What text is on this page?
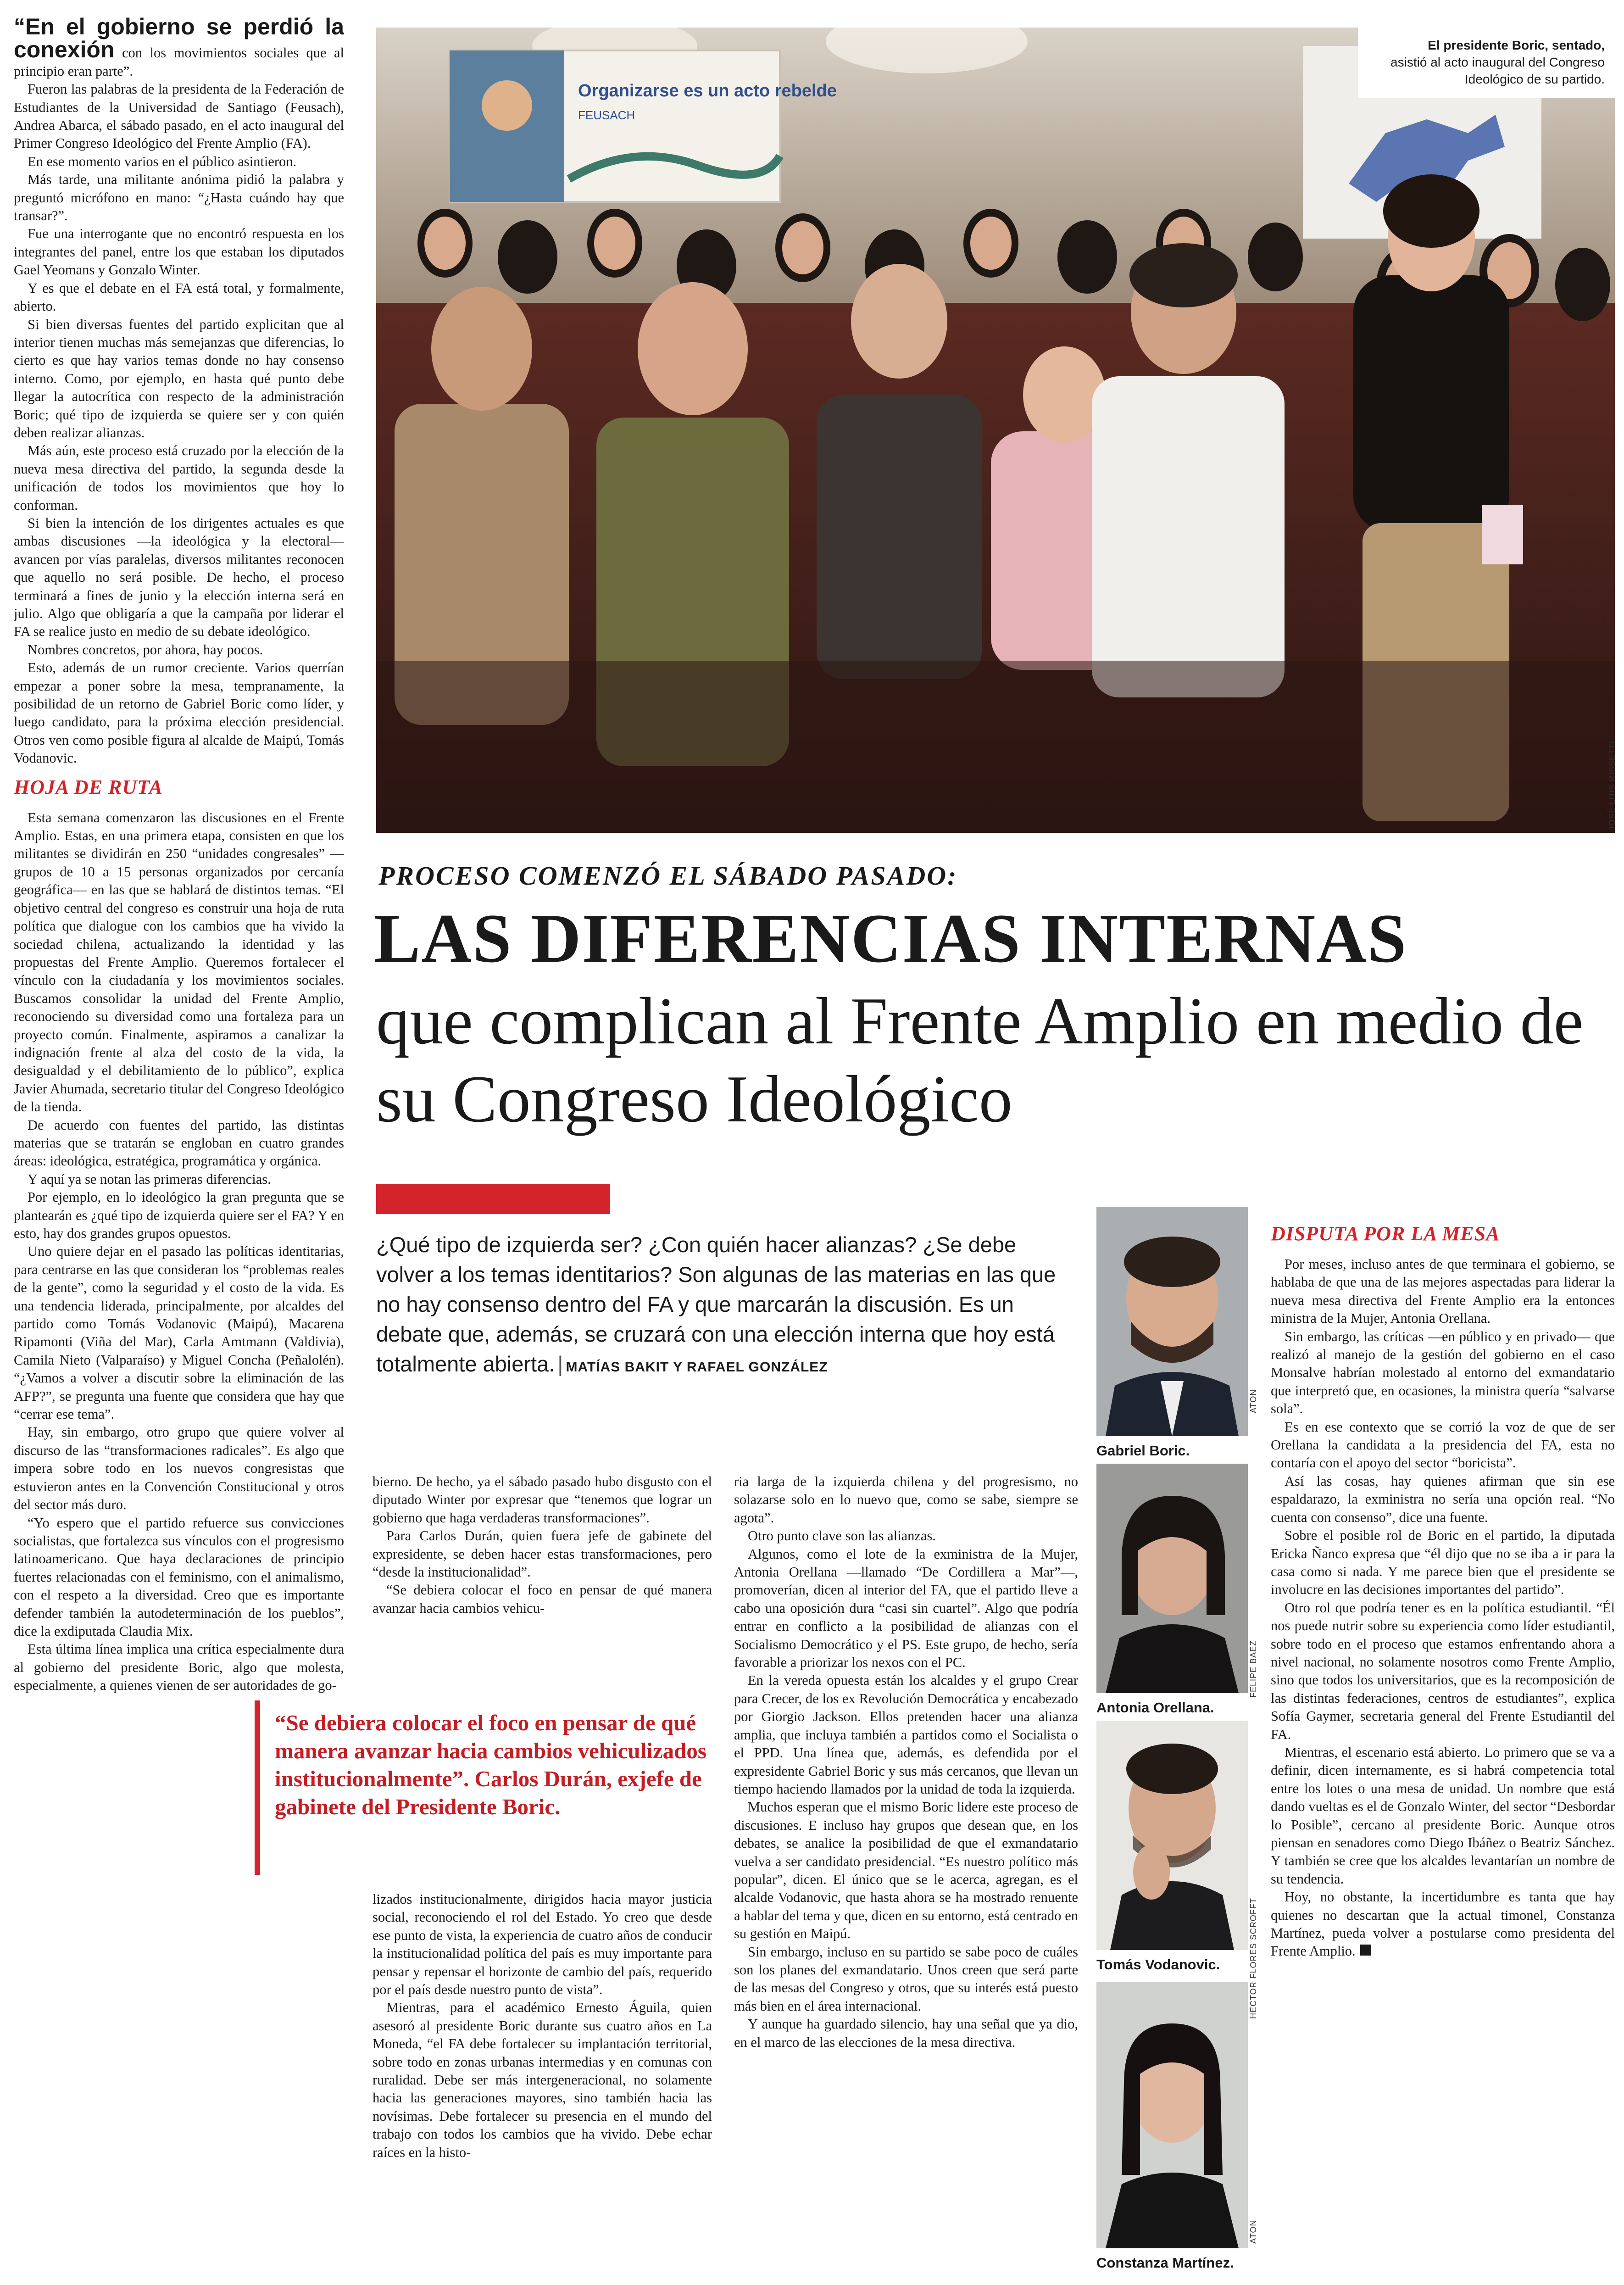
Organizarse es un acto rebelde
FEUSACH
El presidente Boric, sentado,
asistió al acto inaugural del Congreso Ideológico de su partido.
JOSÉ LUIS RISSETTI
PROCESO COMENZÓ EL SÁBADO PASADO:
LAS DIFERENCIAS INTERNAS
que complican al Frente Amplio en medio de su Congreso Ideológico
¿Qué tipo de izquierda ser? ¿Con quién hacer alianzas? ¿Se debe volver a los temas identitarios? Son algunas de las materias en las que no hay consenso dentro del FA y que marcarán la discusión. Es un debate que, además, se cruzará con una elección interna que hoy está totalmente abierta. | MATÍAS BAKIT Y RAFAEL GONZÁLEZ

“En el gobierno se perdió la conexión con los movimientos sociales que al principio eran parte”.

Fueron las palabras de la presidenta de la Federación de Estudiantes de la Universidad de Santiago (Feusach), Andrea Abarca, el sábado pasado, en el acto inaugural del Primer Congreso Ideológico del Frente Amplio (FA).

En ese momento varios en el público asintieron.

Más tarde, una militante anónima pidió la palabra y preguntó micrófono en mano: “¿Hasta cuándo hay que transar?”.

Fue una interrogante que no encontró respuesta en los integrantes del panel, entre los que estaban los diputados Gael Yeomans y Gonzalo Winter.

Y es que el debate en el FA está total, y formalmente, abierto.

Si bien diversas fuentes del partido explicitan que al interior tienen muchas más semejanzas que diferencias, lo cierto es que hay varios temas donde no hay consenso interno. Como, por ejemplo, en hasta qué punto debe llegar la autocrítica con respecto de la administración Boric; qué tipo de izquierda se quiere ser y con quién deben realizar alianzas.

Más aún, este proceso está cruzado por la elección de la nueva mesa directiva del partido, la segunda desde la unificación de todos los movimientos que hoy lo conforman.

Si bien la intención de los dirigentes actuales es que ambas discusiones —la ideológica y la electoral— avancen por vías paralelas, diversos militantes reconocen que aquello no será posible. De hecho, el proceso terminará a fines de junio y la elección interna será en julio. Algo que obligaría a que la campaña por liderar el FA se realice justo en medio de su debate ideológico.

Nombres concretos, por ahora, hay pocos.

Esto, además de un rumor creciente. Varios querrían empezar a poner sobre la mesa, tempranamente, la posibilidad de un retorno de Gabriel Boric como líder, y luego candidato, para la próxima elección presidencial. Otros ven como posible figura al alcalde de Maipú, Tomás Vodanovic.

HOJA DE RUTA

Esta semana comenzaron las discusiones en el Frente Amplio. Estas, en una primera etapa, consisten en que los militantes se dividirán en 250 “unidades congresales” —grupos de 10 a 15 personas organizados por cercanía geográfica— en las que se hablará de distintos temas. “El objetivo central del congreso es construir una hoja de ruta política que dialogue con los cambios que ha vivido la sociedad chilena, actualizando la identidad y las propuestas del Frente Amplio. Queremos fortalecer el vínculo con la ciudadanía y los movimientos sociales. Buscamos consolidar la unidad del Frente Amplio, reconociendo su diversidad como una fortaleza para un proyecto común. Finalmente, aspiramos a canalizar la indignación frente al alza del costo de la vida, la desigualdad y el debilitamiento de lo público”, explica Javier Ahumada, secretario titular del Congreso Ideológico de la tienda.

De acuerdo con fuentes del partido, las distintas materias que se tratarán se engloban en cuatro grandes áreas: ideológica, estratégica, programática y orgánica.

Y aquí ya se notan las primeras diferencias.

Por ejemplo, en lo ideológico la gran pregunta que se plantearán es ¿qué tipo de izquierda quiere ser el FA? Y en esto, hay dos grandes grupos opuestos.

Uno quiere dejar en el pasado las políticas identitarias, para centrarse en las que consideran los “problemas reales de la gente”, como la seguridad y el costo de la vida. Es una tendencia liderada, principalmente, por alcaldes del partido como Tomás Vodanovic (Maipú), Macarena Ripamonti (Viña del Mar), Carla Amtmann (Valdivia), Camila Nieto (Valparaíso) y Miguel Concha (Peñalolén). “¿Vamos a volver a discutir sobre la eliminación de las AFP?”, se pregunta una fuente que considera que hay que “cerrar ese tema”.

Hay, sin embargo, otro grupo que quiere volver al discurso de las “transformaciones radicales”. Es algo que impera sobre todo en los nuevos congresistas que estuvieron antes en la Convención Constitucional y otros del sector más duro.

“Yo espero que el partido refuerce sus convicciones socialistas, que fortalezca sus vínculos con el progresismo latinoamericano. Que haya declaraciones de principio fuertes relacionadas con el feminismo, con el animalismo, con el respeto a la diversidad. Creo que es importante defender también la autodeterminación de los pueblos”, dice la exdiputada Claudia Mix.

Esta última línea implica una crítica especialmente dura al gobierno del presidente Boric, algo que molesta, especialmente, a quienes vienen de ser autoridades de go-

bierno. De hecho, ya el sábado pasado hubo disgusto con el diputado Winter por expresar que “tenemos que lograr un gobierno que haga verdaderas transformaciones”.

Para Carlos Durán, quien fuera jefe de gabinete del expresidente, se deben hacer estas transformaciones, pero “desde la institucionalidad”.

“Se debiera colocar el foco en pensar de qué manera avanzar hacia cambios vehicu-

“Se debiera colocar el foco en pensar de qué manera avanzar hacia cambios vehiculizados institucionalmente”. Carlos Durán, exjefe de gabinete del Presidente Boric.

lizados institucionalmente, dirigidos hacia mayor justicia social, reconociendo el rol del Estado. Yo creo que desde ese punto de vista, la experiencia de cuatro años de conducir la institucionalidad política del país es muy importante para pensar y repensar el horizonte de cambio del país, requerido por el país desde nuestro punto de vista”.

Mientras, para el académico Ernesto Águila, quien asesoró al presidente Boric durante sus cuatro años en La Moneda, “el FA debe fortalecer su implantación territorial, sobre todo en zonas urbanas intermedias y en comunas con ruralidad. Debe ser más intergeneracional, no solamente hacia las generaciones mayores, sino también hacia las novísimas. Debe fortalecer su presencia en el mundo del trabajo con todos los cambios que ha vivido. Debe echar raíces en la histo-

ria larga de la izquierda chilena y del progresismo, no solazarse solo en lo nuevo que, como se sabe, siempre se agota”.

Otro punto clave son las alianzas.

Algunos, como el lote de la exministra de la Mujer, Antonia Orellana —llamado “De Cordillera a Mar”—, promoverían, dicen al interior del FA, que el partido lleve a cabo una oposición dura “casi sin cuartel”. Algo que podría entrar en conflicto a la posibilidad de alianzas con el Socialismo Democrático y el PS. Este grupo, de hecho, sería favorable a priorizar los nexos con el PC.

En la vereda opuesta están los alcaldes y el grupo Crear para Crecer, de los ex Revolución Democrática y encabezado por Giorgio Jackson. Ellos pretenden hacer una alianza amplia, que incluya también a partidos como el Socialista o el PPD. Una línea que, además, es defendida por el expresidente Gabriel Boric y sus más cercanos, que llevan un tiempo haciendo llamados por la unidad de toda la izquierda.

Muchos esperan que el mismo Boric lidere este proceso de discusiones. E incluso hay grupos que desean que, en los debates, se analice la posibilidad de que el exmandatario vuelva a ser candidato presidencial. “Es nuestro político más popular”, dicen. El único que se le acerca, agregan, es el alcalde Vodanovic, que hasta ahora se ha mostrado renuente a hablar del tema y que, dicen en su entorno, está centrado en su gestión en Maipú.

Sin embargo, incluso en su partido se sabe poco de cuáles son los planes del exmandatario. Unos creen que será parte de las mesas del Congreso y otros, que su interés está puesto más bien en el área internacional.

Y aunque ha guardado silencio, hay una señal que ya dio, en el marco de las elecciones de la mesa directiva.

Gabriel Boric.
ATON
Antonia Orellana.
FELIPE BAEZ
Tomás Vodanovic.	HECTOR FLORES SCROFFT
Constanza Martínez.
ATON

DISPUTA POR LA MESA

Por meses, incluso antes de que terminara el gobierno, se hablaba de que una de las mejores aspectadas para liderar la nueva mesa directiva del Frente Amplio era la entonces ministra de la Mujer, Antonia Orellana.

Sin embargo, las críticas —en público y en privado— que realizó al manejo de la gestión del gobierno en el caso Monsalve habrían molestado al entorno del exmandatario que interpretó que, en ocasiones, la ministra quería “salvarse sola”.

Es en ese contexto que se corrió la voz de que de ser Orellana la candidata a la presidencia del FA, esta no contaría con el apoyo del sector “boricista”.

Así las cosas, hay quienes afirman que sin ese espaldarazo, la exministra no sería una opción real. “No cuenta con consenso”, dice una fuente.

Sobre el posible rol de Boric en el partido, la diputada Ericka Ñanco expresa que “él dijo que no se iba a ir para la casa como si nada. Y me parece bien que el presidente se involucre en las decisiones importantes del partido”.

Otro rol que podría tener es en la política estudiantil. “Él nos puede nutrir sobre su experiencia como líder estudiantil, sobre todo en el proceso que estamos enfrentando ahora a nivel nacional, no solamente nosotros como Frente Amplio, sino que todos los universitarios, que es la recomposición de las distintas federaciones, centros de estudiantes”, explica Sofía Gaymer, secretaria general del Frente Estudiantil del FA.

Mientras, el escenario está abierto. Lo primero que se va a definir, dicen internamente, es si habrá competencia total entre los lotes o una mesa de unidad. Un nombre que está dando vueltas es el de Gonzalo Winter, del sector “Desbordar lo Posible”, cercano al presidente Boric. Aunque otros piensan en senadores como Diego Ibáñez o Beatriz Sánchez. Y también se cree que los alcaldes levantarían un nombre de su tendencia.

Hoy, no obstante, la incertidumbre es tanta que hay quienes no descartan que la actual timonel, Constanza Martínez, pueda volver a postularse como presidenta del Frente Amplio.
